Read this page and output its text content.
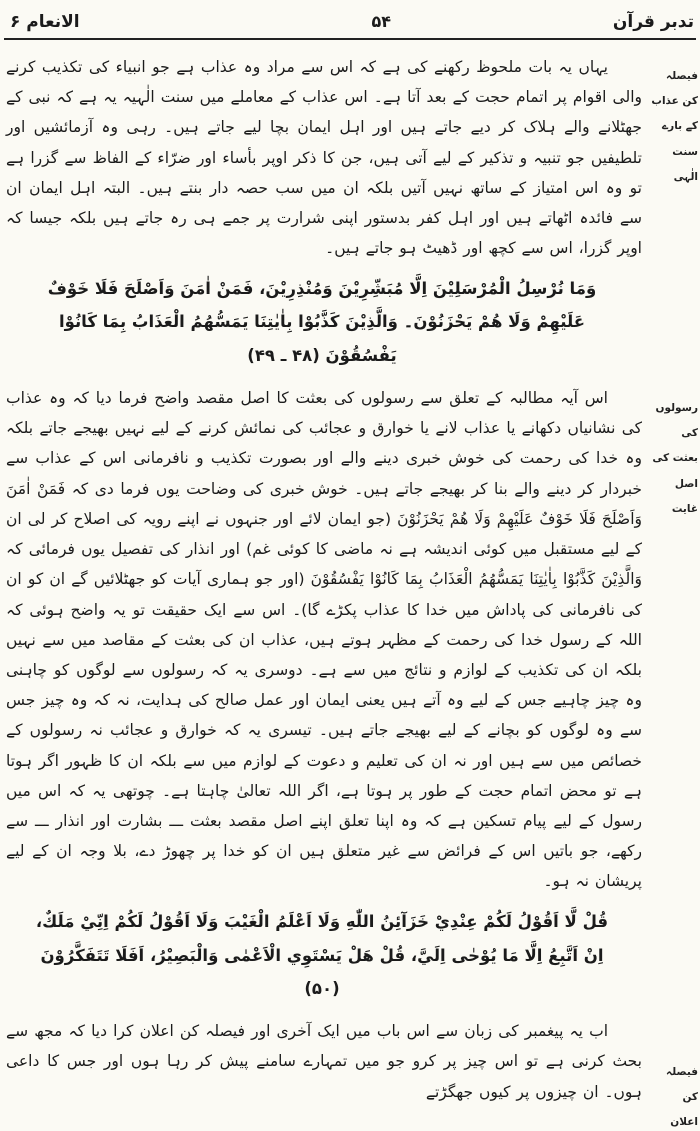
تدبر قرآن
۵۴
الانعام ۶
فیصلہ کن عذاب
کے بارے
سنت الٰہی
رسولوں کی
بعثت کی
اصل غایت
فیصلہ کن
اعلان

یہاں یہ بات ملحوظ رکھنے کی ہے کہ اس سے مراد وہ عذاب ہے جو انبیاء کی تکذیب کرنے والی اقوام پر اتمام حجت کے بعد آتا ہے۔ اس عذاب کے معاملے میں سنت الٰہیہ یہ ہے کہ نبی کے جھٹلانے والے ہلاک کر دیے جاتے ہیں اور اہل ایمان بچا لیے جاتے ہیں۔ رہی وہ آزمائشیں اور تلطیفیں جو تنبیہ و تذکیر کے لیے آتی ہیں، جن کا ذکر اوپر بأساء اور ضرّاء کے الفاظ سے گزرا ہے تو وہ اس امتیاز کے ساتھ نہیں آتیں بلکہ ان میں سب حصہ دار بنتے ہیں۔ البتہ اہل ایمان ان سے فائدہ اٹھاتے ہیں اور اہل کفر بدستور اپنی شرارت پر جمے ہی رہ جاتے ہیں بلکہ جیسا کہ اوپر گزرا، اس سے کچھ اور ڈھیٹ ہو جاتے ہیں۔

وَمَا نُرْسِلُ الْمُرْسَلِيْنَ اِلَّا مُبَشِّرِيْنَ وَمُنْذِرِيْنَ، فَمَنْ اٰمَنَ وَاَصْلَحَ فَلَا خَوْفٌ عَلَيْهِمْ وَلَا هُمْ يَحْزَنُوْنَ۔ وَالَّذِيْنَ كَذَّبُوْا بِاٰيٰتِنَا يَمَسُّهُمُ الْعَذَابُ بِمَا كَانُوْا يَفْسُقُوْنَ (۴۸ ـ ۴۹)

اس آیہ مطالبہ کے تعلق سے رسولوں کی بعثت کا اصل مقصد واضح فرما دیا کہ وہ عذاب کی نشانیاں دکھانے یا عذاب لانے یا خوارق و عجائب کی نمائش کرنے کے لیے نہیں بھیجے جاتے بلکہ وہ خدا کی رحمت کی خوش خبری دینے والے اور بصورت تکذیب و نافرمانی اس کے عذاب سے خبردار کر دینے والے بنا کر بھیجے جاتے ہیں۔ خوش خبری کی وضاحت یوں فرما دی کہ فَمَنْ اٰمَنَ وَاَصْلَحَ فَلَا خَوْفٌ عَلَيْهِمْ وَلَا هُمْ يَحْزَنُوْنَ (جو ایمان لائے اور جنہوں نے اپنے رویہ کی اصلاح کر لی ان کے لیے مستقبل میں کوئی اندیشہ ہے نہ ماضی کا کوئی غم) اور انذار کی تفصیل یوں فرمائی کہ وَالَّذِيْنَ كَذَّبُوْا بِاٰيٰتِنَا يَمَسُّهُمُ الْعَذَابُ بِمَا كَانُوْا يَفْسُقُوْنَ (اور جو ہماری آیات کو جھٹلائیں گے ان کو ان کی نافرمانی کی پاداش میں خدا کا عذاب پکڑے گا)۔ اس سے ایک حقیقت تو یہ واضح ہوئی کہ اللہ کے رسول خدا کی رحمت کے مظہر ہوتے ہیں، عذاب ان کی بعثت کے مقاصد میں سے نہیں بلکہ ان کی تکذیب کے لوازم و نتائج میں سے ہے۔ دوسری یہ کہ رسولوں سے لوگوں کو چاہنی وہ چیز چاہیے جس کے لیے وہ آتے ہیں یعنی ایمان اور عمل صالح کی ہدایت، نہ کہ وہ چیز جس سے وہ لوگوں کو بچانے کے لیے بھیجے جاتے ہیں۔ تیسری یہ کہ خوارق و عجائب نہ رسولوں کے خصائص میں سے ہیں اور نہ ان کی تعلیم و دعوت کے لوازم میں سے بلکہ ان کا ظہور اگر ہوتا ہے تو محض اتمام حجت کے طور پر ہوتا ہے، اگر اللہ تعالیٰ چاہتا ہے۔ چوتھی یہ کہ اس میں رسول کے لیے پیام تسکین ہے کہ وہ اپنا تعلق اپنے اصل مقصد بعثت ـــ بشارت اور انذار ـــ سے رکھے، جو باتیں اس کے فرائض سے غیر متعلق ہیں ان کو خدا پر چھوڑ دے، بلا وجہ ان کے لیے پریشان نہ ہو۔

قُلْ لَّا اَقُوْلُ لَكُمْ عِنْدِيْ خَزَآئِنُ اللّٰهِ وَلَا اَعْلَمُ الْغَيْبَ وَلَا اَقُوْلُ لَكُمْ اِنِّيْ مَلَكٌ، اِنْ اَتَّبِعُ اِلَّا مَا يُوْحٰى اِلَيَّ، قُلْ هَلْ يَسْتَوِي الْاَعْمٰى وَالْبَصِيْرُ، اَفَلَا تَتَفَكَّرُوْنَ (۵۰)

اب یہ پیغمبر کی زبان سے اس باب میں ایک آخری اور فیصلہ کن اعلان کرا دیا کہ مجھ سے بحث کرنی ہے تو اس چیز پر کرو جو میں تمہارے سامنے پیش کر رہا ہوں اور جس کا داعی ہوں۔ ان چیزوں پر کیوں جھگڑتے
